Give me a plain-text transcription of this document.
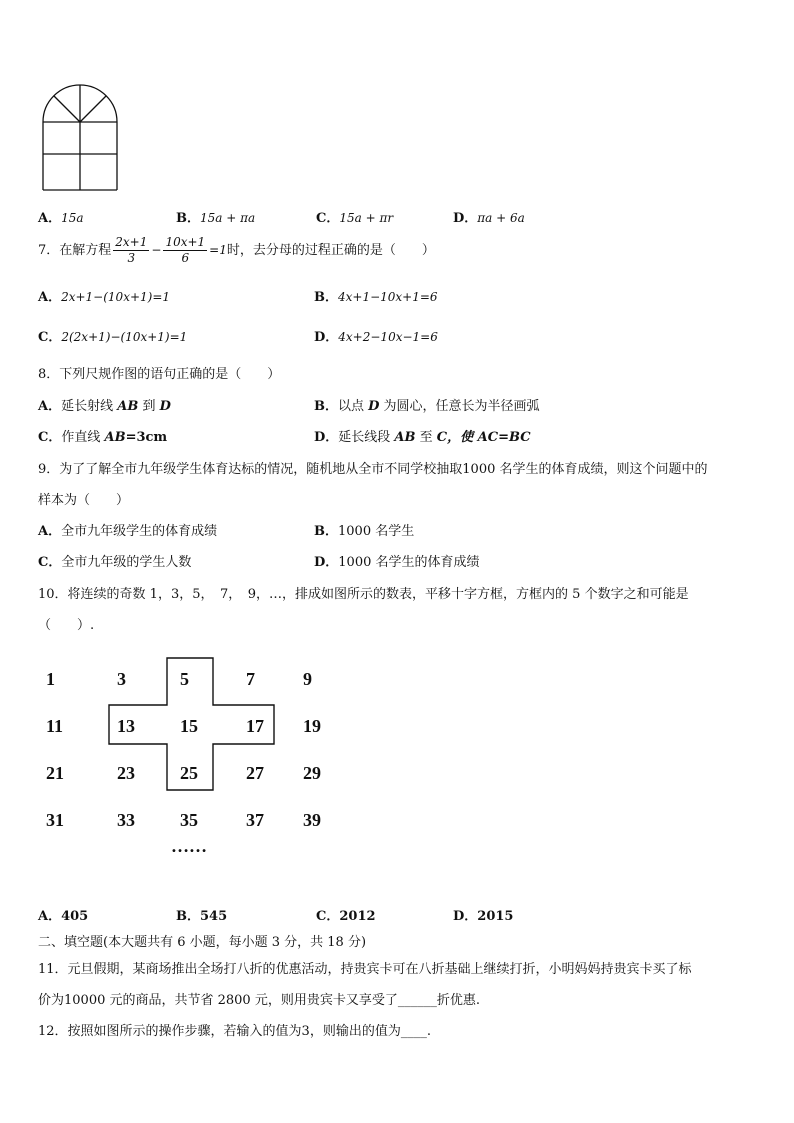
A．15a	B．15a + πa	C．15a + πr	D．πa + 6a
7．在解方程 $\frac{2x+1}{3} - \frac{10x+1}{6} =1$时，去分母的过程正确的是（　　）
A．2x+1−(10x+1)=1	B．4x+1−10x+1=6
C．2(2x+1)−(10x+1)=1	D．4x+2−10x−1=6
8．下列尺规作图的语句正确的是（　　）
A．延长射线 AB 到 D	B．以点 D 为圆心，任意长为半径画弧
C．作直线 AB=3cm	D．延长线段 AB 至 C，使 AC=BC
9．为了了解全市九年级学生体育达标的情况，随机地从全市不同学校抽取1000 名学生的体育成绩，则这个问题中的
样本为（　　）
A．全市九年级学生的体育成绩	B．1000 名学生
C．全市九年级的学生人数	D．1000 名学生的体育成绩
10．将连续的奇数 1，3，5，　7，　9，…，排成如图所示的数表，平移十字方框，方框内的 5 个数字之和可能是
（　　）.
1	3	5	7	9
11	13	15	17 19
21	23	25	27 29
31	33	35	37 39
……
A．405	B．545	C．2012	D．2015
二、填空题(本大题共有 6 小题，每小题 3 分，共 18 分)
11．元旦假期，某商场推出全场打八折的优惠活动，持贵宾卡可在八折基础上继续打折，小明妈妈持贵宾卡买了标
价为10000 元的商品，共节省 2800 元，则用贵宾卡又享受了______折优惠.
12．按照如图所示的操作步骤，若输入的值为3，则输出的值为____.
